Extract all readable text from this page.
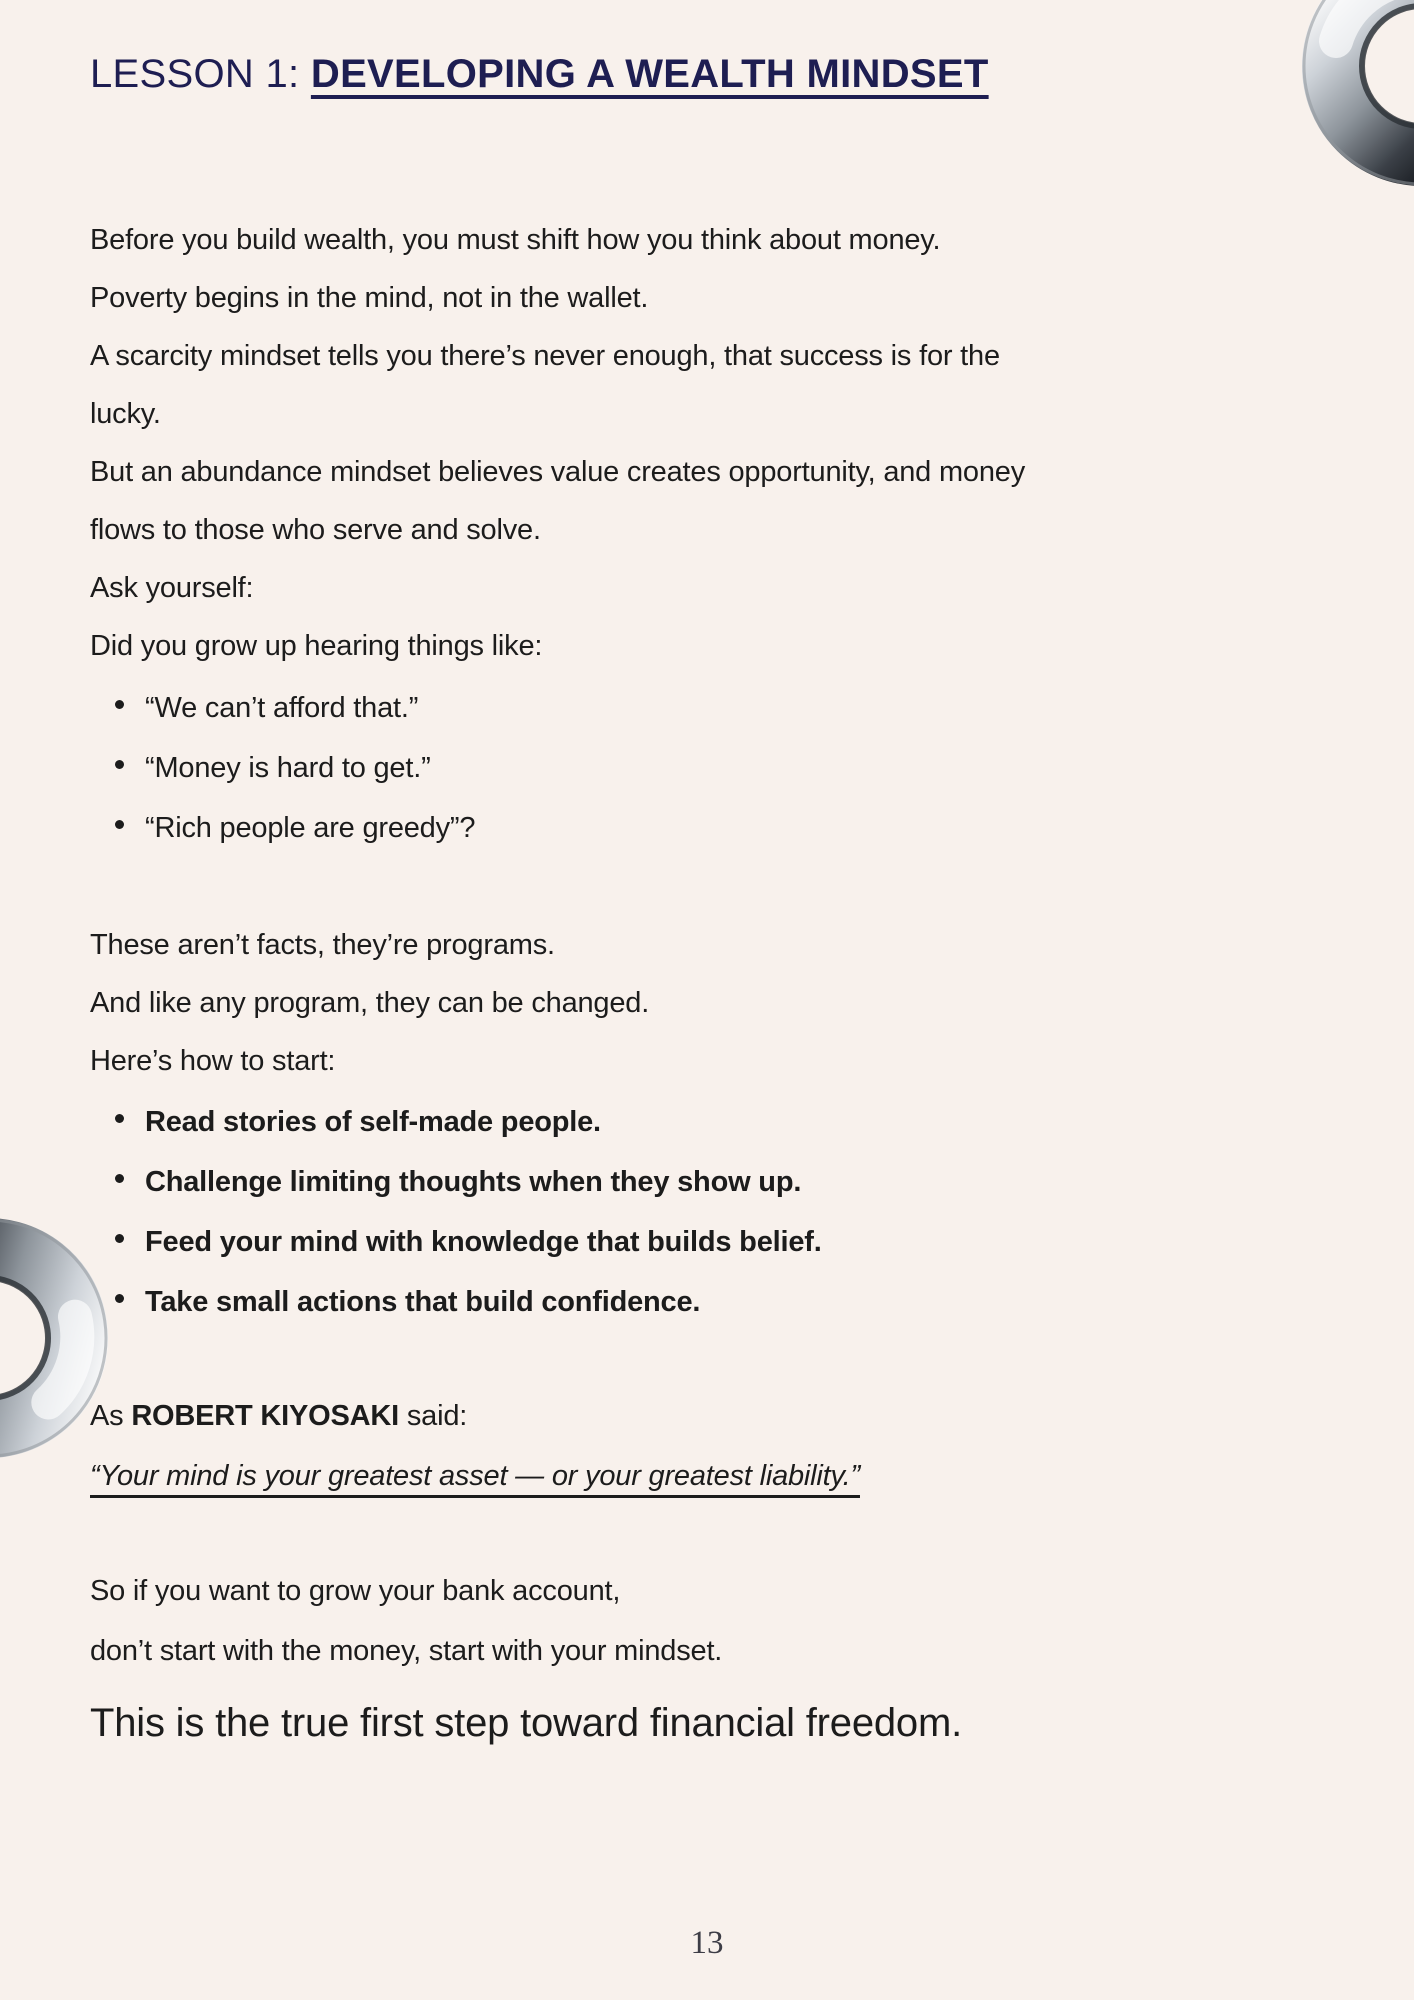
LESSON 1: DEVELOPING A WEALTH MINDSET
Before you build wealth, you must shift how you think about money.
Poverty begins in the mind, not in the wallet.
A scarcity mindset tells you there’s never enough, that success is for the
lucky.
But an abundance mindset believes value creates opportunity, and money
flows to those who serve and solve.
Ask yourself:
Did you grow up hearing things like:
“We can’t afford that.”
“Money is hard to get.”
“Rich people are greedy”?
These aren’t facts, they’re programs.
And like any program, they can be changed.
Here’s how to start:
Read stories of self-made people.
Challenge limiting thoughts when they show up.
Feed your mind with knowledge that builds belief.
Take small actions that build confidence.
As ROBERT KIYOSAKI said:
“Your mind is your greatest asset — or your greatest liability.”
So if you want to grow your bank account,
don’t start with the money, start with your mindset.
This is the true first step toward financial freedom.
13
